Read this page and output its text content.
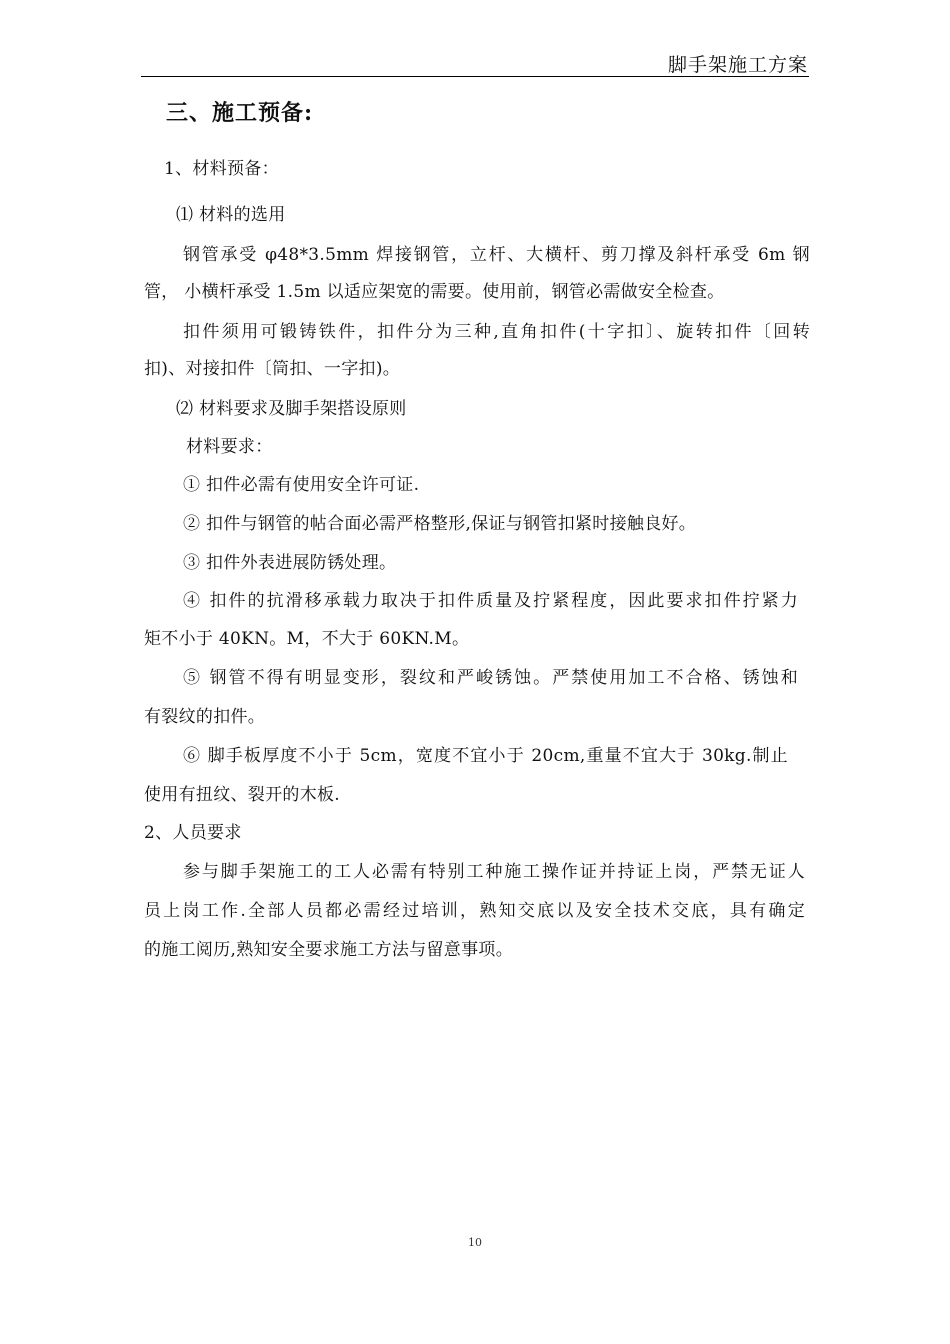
脚手架施工方案
三、施工预备:
1、材料预备：
⑴ 材料的选用
钢管承受 φ48*3.5mm 焊接钢管，立杆、大横杆、剪刀撑及斜杆承受 6m 钢
管， 小横杆承受 1.5m 以适应架宽的需要。使用前，钢管必需做安全检查。
扣件须用可锻铸铁件，扣件分为三种,直角扣件(十字扣〕、旋转扣件〔回转
扣)、对接扣件〔筒扣、一字扣)。
⑵ 材料要求及脚手架搭设原则
材料要求：
① 扣件必需有使用安全许可证.
② 扣件与钢管的帖合面必需严格整形,保证与钢管扣紧时接触良好。
③ 扣件外表进展防锈处理。
④ 扣件的抗滑移承载力取决于扣件质量及拧紧程度，因此要求扣件拧紧力
矩不小于 40KN。M，不大于 60KN.M。
⑤ 钢管不得有明显变形，裂纹和严峻锈蚀。严禁使用加工不合格、锈蚀和
有裂纹的扣件。
⑥ 脚手板厚度不小于 5cm，宽度不宜小于 20cm,重量不宜大于 30kg.制止
使用有扭纹、裂开的木板.
2、人员要求
参与脚手架施工的工人必需有特别工种施工操作证并持证上岗，严禁无证人
员上岗工作.全部人员都必需经过培训，熟知交底以及安全技术交底，具有确定
的施工阅历,熟知安全要求施工方法与留意事项。
10
